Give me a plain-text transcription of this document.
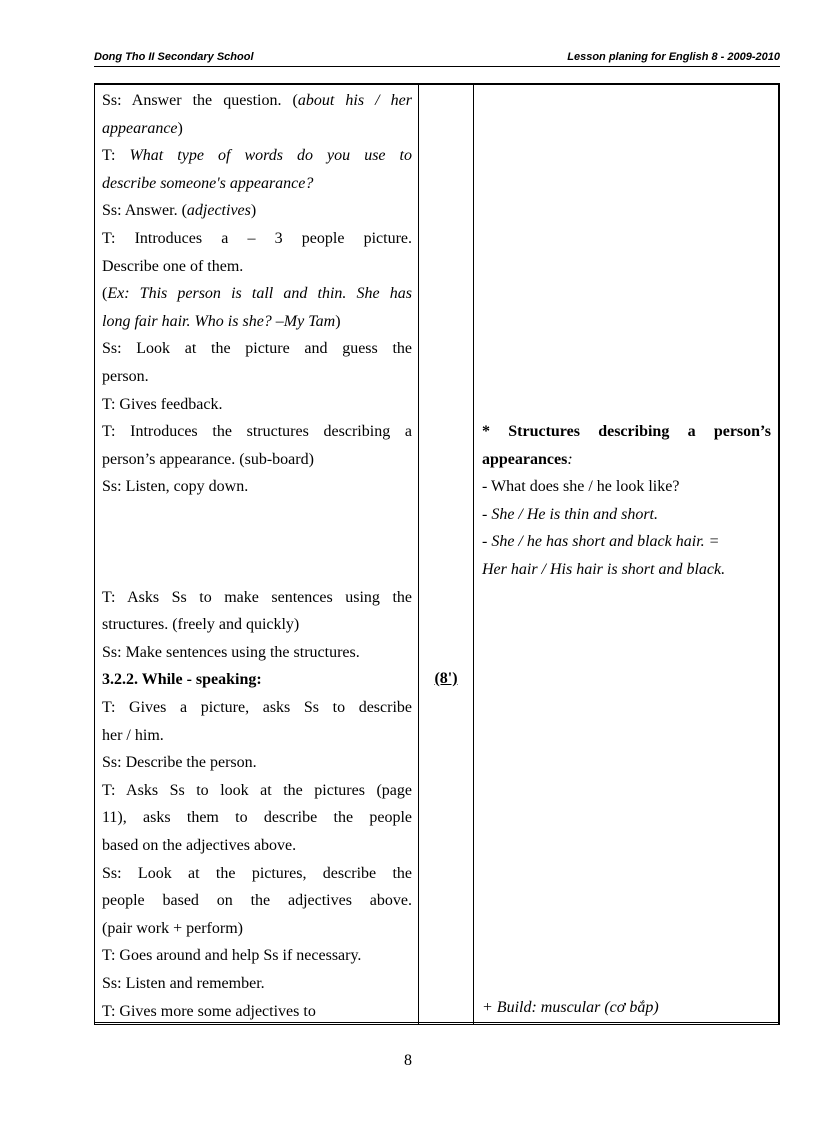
Dong Tho II Secondary School	Lesson planing for English 8 - 2009-2010
Ss: Answer the question. (about his / her
appearance)
T: What type of words do you use to
describe someone's appearance?
Ss: Answer. (adjectives)
T: Introduces a – 3 people picture.
Describe one of them.
(Ex: This person is tall and thin. She has
long fair hair. Who is she? –My Tam)
Ss: Look at the picture and guess the
person.
T: Gives feedback.
T: Introduces the structures describing a
person’s appearance. (sub-board)
Ss: Listen, copy down.
T: Asks Ss to make sentences using the
structures. (freely and quickly)
Ss: Make sentences using the structures.
3.2.2. While - speaking:
T: Gives a picture, asks Ss to describe
her / him.
Ss: Describe the person.
T: Asks Ss to look at the pictures (page
11), asks them to describe the people
based on the adjectives above.
Ss: Look at the pictures, describe the
people based on the adjectives above.
(pair work + perform)
T: Goes around and help Ss if necessary.
Ss: Listen and remember.
T: Gives more some adjectives to
(8')
* Structures describing a person’s
appearances:
- What does she / he look like?
- She / He is thin and short.
- She / he has short and black hair. =
Her hair / His hair is short and black.
+ Build: muscular (cơ bắp)
8
